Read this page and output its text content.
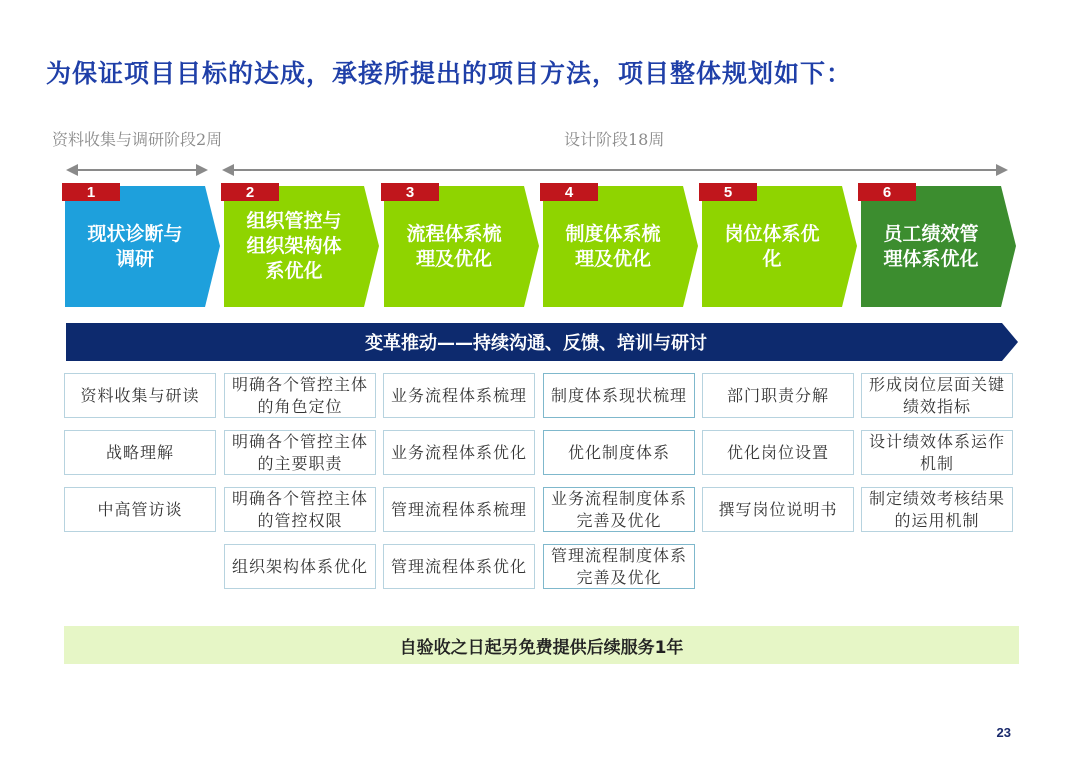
为保证项目目标的达成，承接所提出的项目方法，项目整体规划如下：
资料收集与调研阶段2周	设计阶段18周
现状诊断与调研
1
组织管控与组织架构体系优化
2
流程体系梳理及优化
3
制度体系梳理及优化
4
岗位体系优化
5
员工绩效管理体系优化
6
变革推动——持续沟通、反馈、培训与研讨
资料收集与研读
战略理解
中高管访谈
明确各个管控主体的角色定位
明确各个管控主体的主要职责
明确各个管控主体的管控权限
组织架构体系优化
业务流程体系梳理
业务流程体系优化
管理流程体系梳理
管理流程体系优化
制度体系现状梳理
优化制度体系
业务流程制度体系完善及优化
管理流程制度体系完善及优化
部门职责分解
优化岗位设置
撰写岗位说明书
形成岗位层面关键绩效指标
设计绩效体系运作机制
制定绩效考核结果的运用机制
自验收之日起另免费提供后续服务1年
23
